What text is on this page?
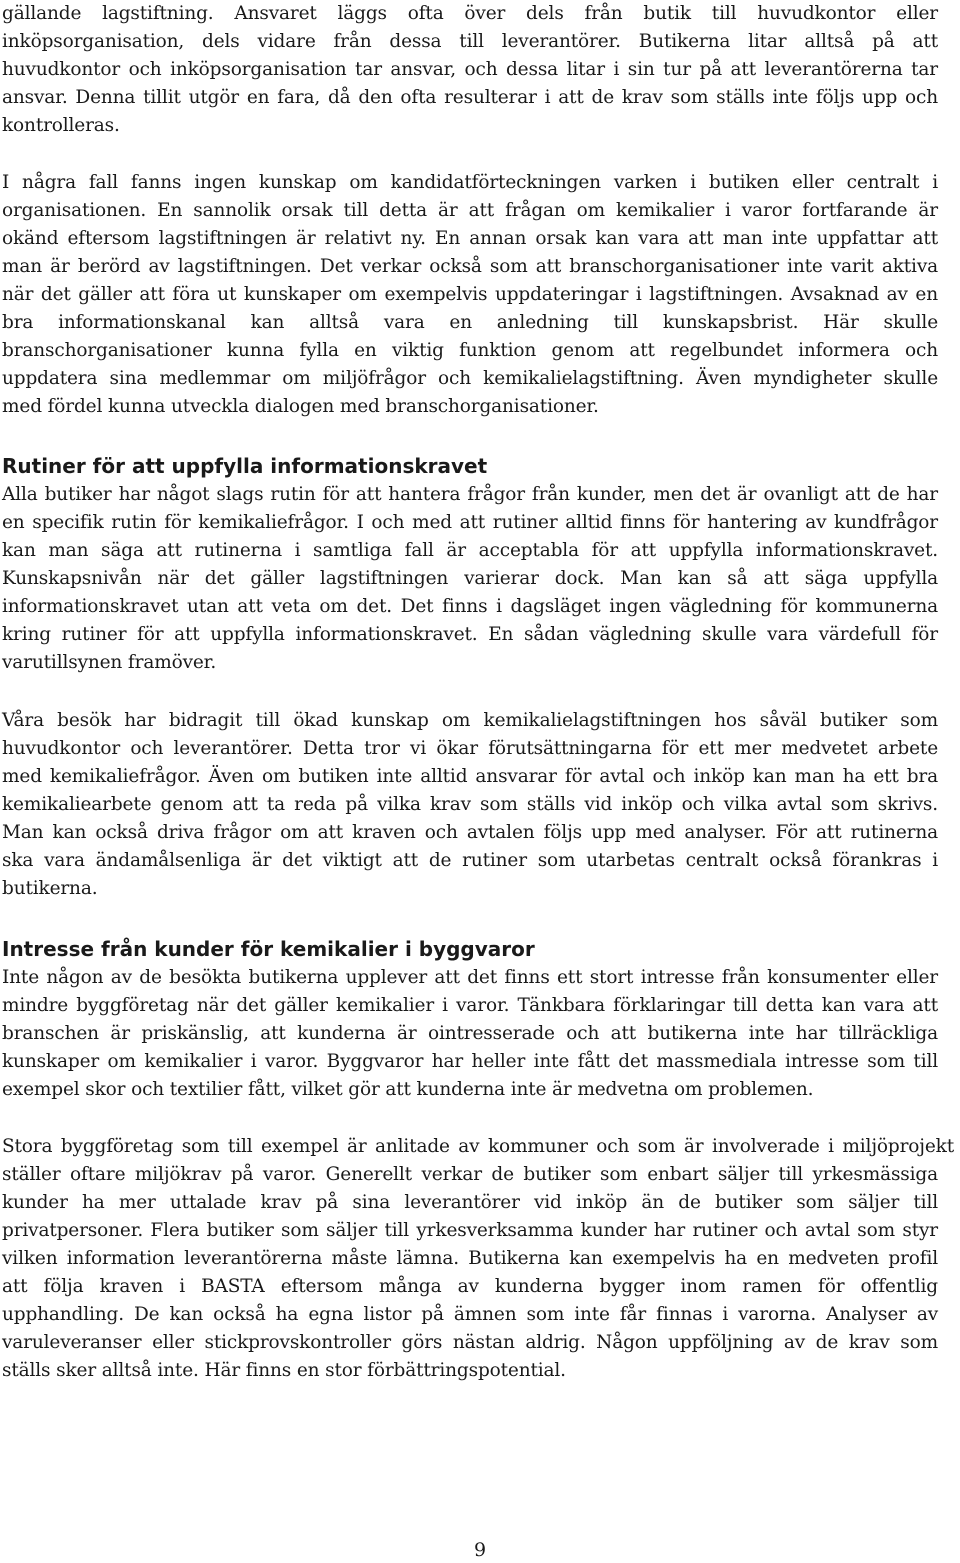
gällande lagstiftning. Ansvaret läggs ofta över dels från butik till huvudkontor eller
inköpsorganisation, dels vidare från dessa till leverantörer. Butikerna litar alltså på att
huvudkontor och inköpsorganisation tar ansvar, och dessa litar i sin tur på att leverantörerna tar
ansvar. Denna tillit utgör en fara, då den ofta resulterar i att de krav som ställs inte följs upp och
kontrolleras.
I några fall fanns ingen kunskap om kandidatförteckningen varken i butiken eller centralt i
organisationen. En sannolik orsak till detta är att frågan om kemikalier i varor fortfarande är
okänd eftersom lagstiftningen är relativt ny. En annan orsak kan vara att man inte uppfattar att
man är berörd av lagstiftningen. Det verkar också som att branschorganisationer inte varit aktiva
när det gäller att föra ut kunskaper om exempelvis uppdateringar i lagstiftningen. Avsaknad av en
bra informationskanal kan alltså vara en anledning till kunskapsbrist. Här skulle
branschorganisationer kunna fylla en viktig funktion genom att regelbundet informera och
uppdatera sina medlemmar om miljöfrågor och kemikalielagstiftning. Även myndigheter skulle
med fördel kunna utveckla dialogen med branschorganisationer.
Rutiner för att uppfylla informationskravet
Alla butiker har något slags rutin för att hantera frågor från kunder, men det är ovanligt att de har
en specifik rutin för kemikaliefrågor. I och med att rutiner alltid finns för hantering av kundfrågor
kan man säga att rutinerna i samtliga fall är acceptabla för att uppfylla informationskravet.
Kunskapsnivån när det gäller lagstiftningen varierar dock. Man kan så att säga uppfylla
informationskravet utan att veta om det. Det finns i dagsläget ingen vägledning för kommunerna
kring rutiner för att uppfylla informationskravet. En sådan vägledning skulle vara värdefull för
varutillsynen framöver.
Våra besök har bidragit till ökad kunskap om kemikalielagstiftningen hos såväl butiker som
huvudkontor och leverantörer. Detta tror vi ökar förutsättningarna för ett mer medvetet arbete
med kemikaliefrågor. Även om butiken inte alltid ansvarar för avtal och inköp kan man ha ett bra
kemikaliearbete genom att ta reda på vilka krav som ställs vid inköp och vilka avtal som skrivs.
Man kan också driva frågor om att kraven och avtalen följs upp med analyser. För att rutinerna
ska vara ändamålsenliga är det viktigt att de rutiner som utarbetas centralt också förankras i
butikerna.
Intresse från kunder för kemikalier i byggvaror
Inte någon av de besökta butikerna upplever att det finns ett stort intresse från konsumenter eller
mindre byggföretag när det gäller kemikalier i varor. Tänkbara förklaringar till detta kan vara att
branschen är priskänslig, att kunderna är ointresserade och att butikerna inte har tillräckliga
kunskaper om kemikalier i varor. Byggvaror har heller inte fått det massmediala intresse som till
exempel skor och textilier fått, vilket gör att kunderna inte är medvetna om problemen.
Stora byggföretag som till exempel är anlitade av kommuner och som är involverade i miljöprojekt
ställer oftare miljökrav på varor. Generellt verkar de butiker som enbart säljer till yrkesmässiga
kunder ha mer uttalade krav på sina leverantörer vid inköp än de butiker som säljer till
privatpersoner. Flera butiker som säljer till yrkesverksamma kunder har rutiner och avtal som styr
vilken information leverantörerna måste lämna. Butikerna kan exempelvis ha en medveten profil
att följa kraven i BASTA eftersom många av kunderna bygger inom ramen för offentlig
upphandling. De kan också ha egna listor på ämnen som inte får finnas i varorna. Analyser av
varuleveranser eller stickprovskontroller görs nästan aldrig. Någon uppföljning av de krav som
ställs sker alltså inte. Här finns en stor förbättringspotential.
9
